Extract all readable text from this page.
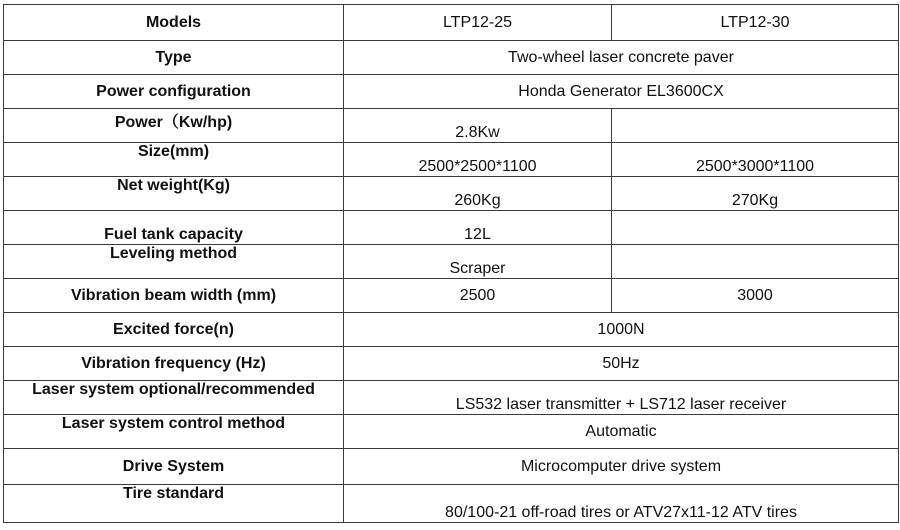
Models	LTP12-25	LTP12-30
Type	Two-wheel laser concrete paver	
Power configuration	Honda Generator EL3600CX	
Power（Kw/hp)	2.8Kw	
Size(mm)	2500*2500*1100	2500*3000*1100
Net weight(Kg)	260Kg	270Kg
Fuel tank capacity	12L	
Leveling method	Scraper	
Vibration beam width (mm)	2500	3000
Excited force(n)	1000N	
Vibration frequency (Hz)	50Hz	
Laser system optional/recommended	LS532 laser transmitter + LS712 laser receiver	
Laser system control method	Automatic	
Drive System	Microcomputer drive system	
Tire standard	80/100-21 off-road tires or ATV27x11-12 ATV tires	
